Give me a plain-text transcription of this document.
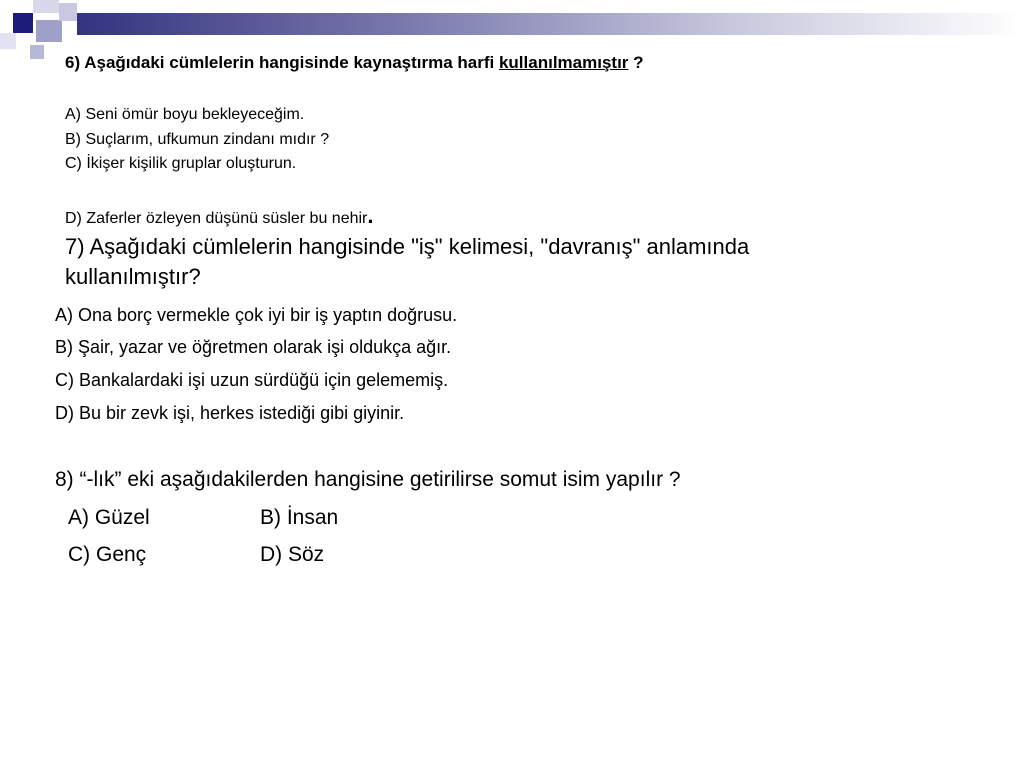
6) Aşağıdaki cümlelerin hangisinde kaynaştırma harfi kullanılmamıştır ?
A) Seni ömür boyu bekleyeceğim.
B) Suçlarım, ufkumun zindanı mıdır ?
C) İkişer kişilik gruplar oluşturun.
D) Zaferler özleyen düşünü süsler bu nehir.
7) Aşağıdaki cümlelerin hangisinde "iş" kelimesi, "davranış" anlamında
kullanılmıştır?
A) Ona borç vermekle çok iyi bir iş yaptın doğrusu.
B) Şair, yazar ve öğretmen olarak işi oldukça ağır.
C) Bankalardaki işi uzun sürdüğü için gelememiş.
D) Bu bir zevk işi, herkes istediği gibi giyinir.
8) “-lık” eki aşağıdakilerden hangisine getirilirse somut isim yapılır ?
A) Güzel	B) İnsan
C) Genç	D) Söz
